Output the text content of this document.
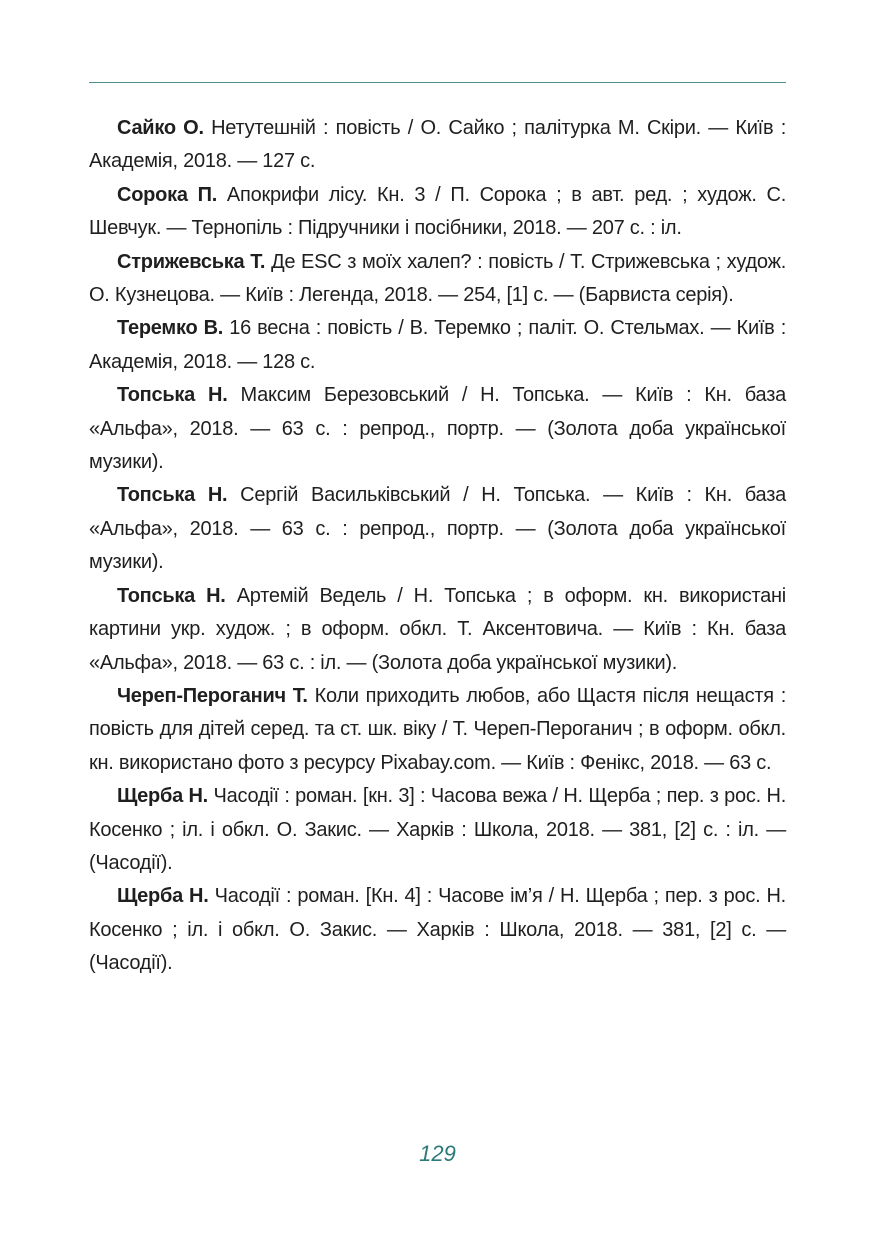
Сайко О. Нетутешній : повість / О. Сайко ; палітурка М. Скіри. — Київ : Академія, 2018. — 127 с.

Сорока П. Апокрифи лісу. Кн. 3 / П. Сорока ; в авт. ред. ; худож. С. Шевчук. — Тернопіль : Підручники і посібники, 2018. — 207 с. : іл.

Стрижевська Т. Де ESC з моїх халеп? : повість / Т. Стрижевська ; худож. О. Кузнецова. — Київ : Легенда, 2018. — 254, [1] с. — (Барвиста серія).

Теремко В. 16 весна : повість / В. Теремко ; паліт. О. Стельмах. — Київ : Академія, 2018. — 128 с.

Топська Н. Максим Березовський / Н. Топська. — Київ : Кн. база «Альфа», 2018. — 63 с. : репрод., портр. — (Золота доба української музики).

Топська Н. Сергій Васильківський / Н. Топська. — Київ : Кн. база «Альфа», 2018. — 63 с. : репрод., портр. — (Золота доба української музики).

Топська Н. Артемій Ведель / Н. Топська ; в оформ. кн. використані картини укр. худож. ; в оформ. обкл. Т. Аксентовича. — Київ : Кн. база «Альфа», 2018. — 63 с. : іл. — (Золота доба української музики).

Череп-Пероганич Т. Коли приходить любов, або Щастя після нещастя : повість для дітей серед. та ст. шк. віку / Т. Череп-Пероганич ; в оформ. обкл. кн. використано фото з ресурсу Pixabay.com. — Київ : Фенікс, 2018. — 63 с.

Щерба Н. Часодії : роман. [кн. 3] : Часова вежа / Н. Щерба ; пер. з рос. Н. Косенко ; іл. і обкл. О. Закис. — Харків : Школа, 2018. — 381, [2] с. : іл. — (Часодії).

Щерба Н. Часодії : роман. [Кн. 4] : Часове ім’я / Н. Щерба ; пер. з рос. Н. Косенко ; іл. і обкл. О. Закис. — Харків : Школа, 2018. — 381, [2] с. — (Часодії).

129
